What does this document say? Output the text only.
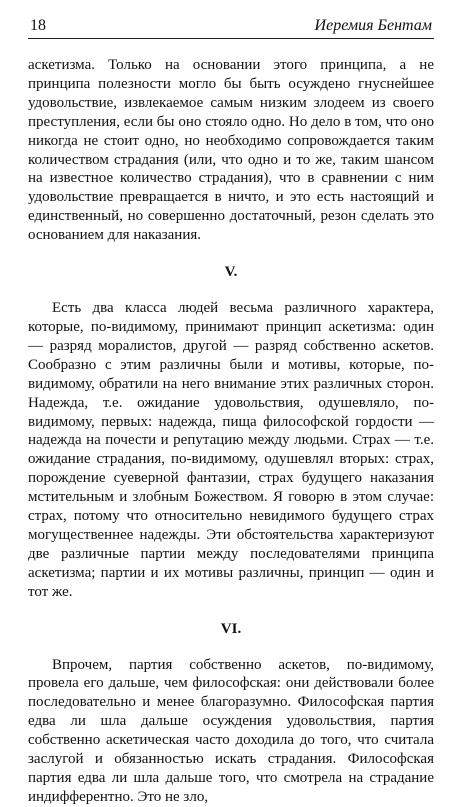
18	Иеремия Бентам

аскетизма. Только на основании этого принципа, а не принципа полезности могло бы быть осуждено гнуснейшее удовольствие, извлекаемое самым низким злодеем из своего преступления, если бы оно стояло одно. Но дело в том, что оно никогда не стоит одно, но необходимо сопровождается таким количеством страдания (или, что одно и то же, таким шансом на известное количество страдания), что в сравнении с ним удовольствие превращается в ничто, и это есть настоящий и единственный, но совершенно достаточный, резон сделать это основанием для наказания.

V.

Есть два класса людей весьма различного характера, которые, по-видимому, принимают принцип аскетизма: один — разряд моралистов, другой — разряд собственно аскетов. Сообразно с этим различны были и мотивы, которые, по-видимому, обратили на него внимание этих различных сторон. Надежда, т.е. ожидание удовольствия, одушевляло, по-видимому, первых: надежда, пища философской гордости — надежда на почести и репутацию между людьми. Страх — т.е. ожидание страдания, по-видимому, одушевлял вторых: страх, порождение суеверной фантазии, страх будущего наказания мстительным и злобным Божеством. Я говорю в этом случае: страх, потому что относительно невидимого будущего страх могущественнее надежды. Эти обстоятельства характеризуют две различные партии между последователями принципа аскетизма; партии и их мотивы различны, принцип — один и тот же.

VI.

Впрочем, партия собственно аскетов, по-видимому, провела его дальше, чем философская: они действовали более последовательно и менее благоразумно. Философская партия едва ли шла дальше осуждения удовольствия, партия собственно аскетическая часто доходила до того, что считала заслугой и обязанностью искать страдания. Философская партия едва ли шла дальше того, что смотрела на страдание индифферентно. Это не зло,
